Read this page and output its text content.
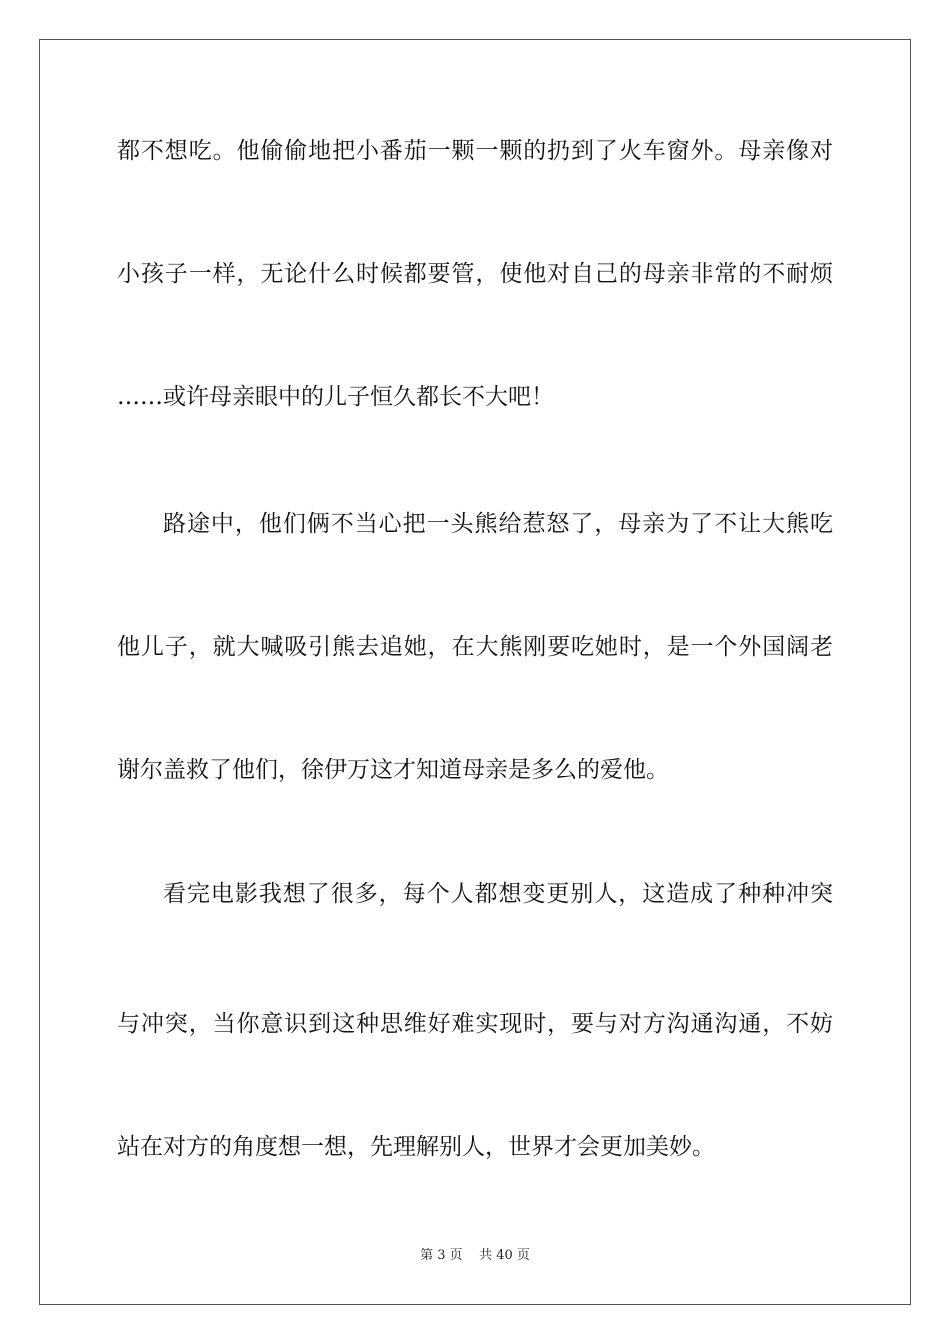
都不想吃。他偷偷地把小番茄一颗一颗的扔到了火车窗外。母亲像对
小孩子一样，无论什么时候都要管，使他对自己的母亲非常的不耐烦
……或许母亲眼中的儿子恒久都长不大吧！
路途中，他们俩不当心把一头熊给惹怒了，母亲为了不让大熊吃
他儿子，就大喊吸引熊去追她，在大熊刚要吃她时，是一个外国阔老
谢尔盖救了他们，徐伊万这才知道母亲是多么的爱他。
看完电影我想了很多，每个人都想变更别人，这造成了种种冲突
与冲突，当你意识到这种思维好难实现时，要与对方沟通沟通，不妨
站在对方的角度想一想，先理解别人，世界才会更加美妙。
第 3 页    共 40 页
